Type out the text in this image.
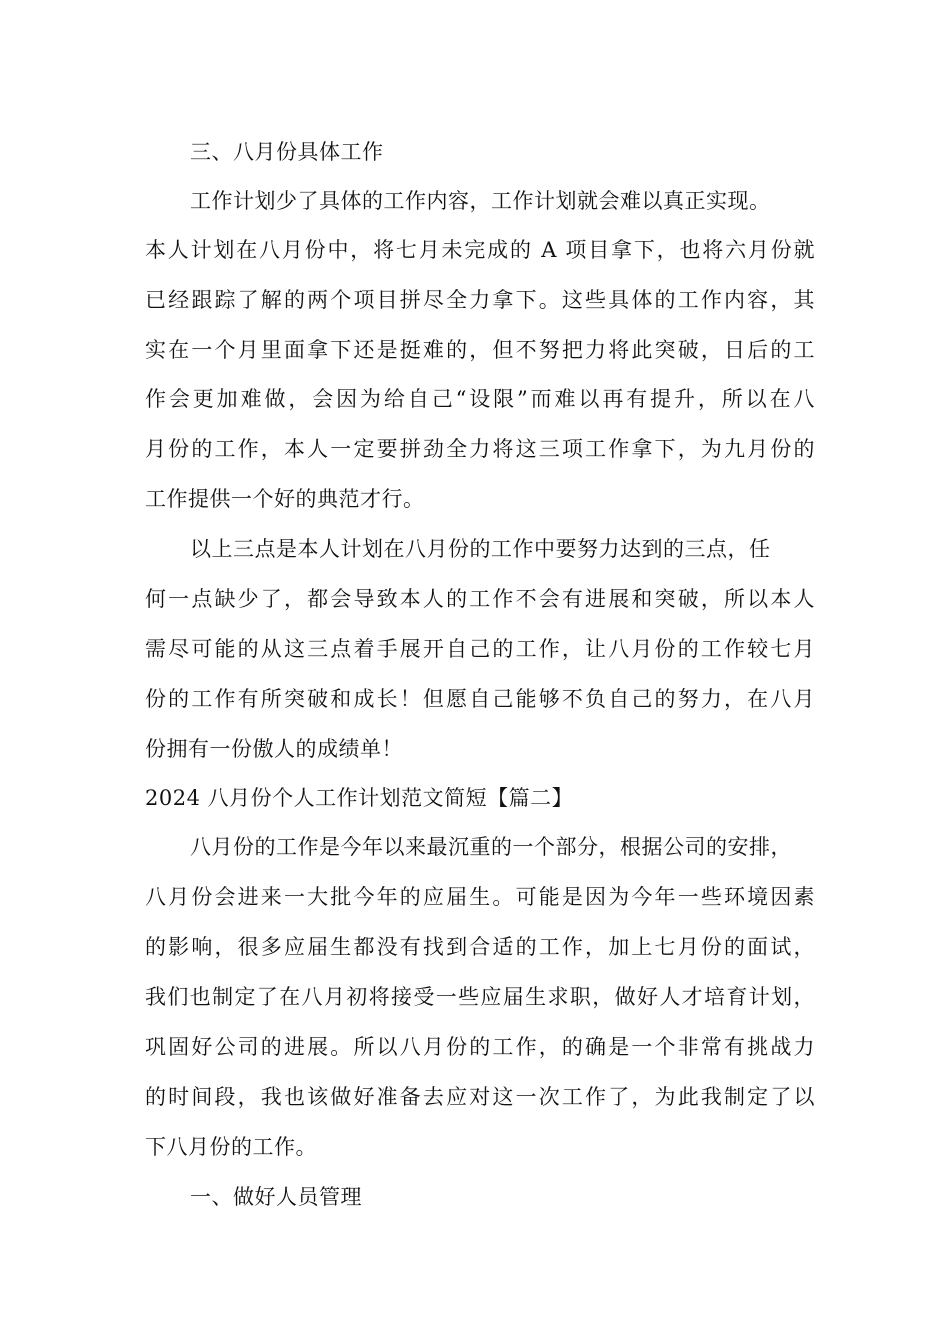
三、八月份具体工作
工作计划少了具体的工作内容，工作计划就会难以真正实现。
本人计划在八月份中，将七月未完成的 A 项目拿下，也将六月份就
已经跟踪了解的两个项目拼尽全力拿下。这些具体的工作内容，其
实在一个月里面拿下还是挺难的，但不努把力将此突破，日后的工
作会更加难做，会因为给自己“设限”而难以再有提升，所以在八
月份的工作，本人一定要拼劲全力将这三项工作拿下，为九月份的
工作提供一个好的典范才行。
以上三点是本人计划在八月份的工作中要努力达到的三点，任
何一点缺少了，都会导致本人的工作不会有进展和突破，所以本人
需尽可能的从这三点着手展开自己的工作，让八月份的工作较七月
份的工作有所突破和成长！但愿自己能够不负自己的努力，在八月
份拥有一份傲人的成绩单！
2024 八月份个人工作计划范文简短【篇二】
八月份的工作是今年以来最沉重的一个部分，根据公司的安排，
八月份会进来一大批今年的应届生。可能是因为今年一些环境因素
的影响，很多应届生都没有找到合适的工作，加上七月份的面试，
我们也制定了在八月初将接受一些应届生求职，做好人才培育计划，
巩固好公司的进展。所以八月份的工作，的确是一个非常有挑战力
的时间段，我也该做好准备去应对这一次工作了，为此我制定了以
下八月份的工作。
一、做好人员管理
